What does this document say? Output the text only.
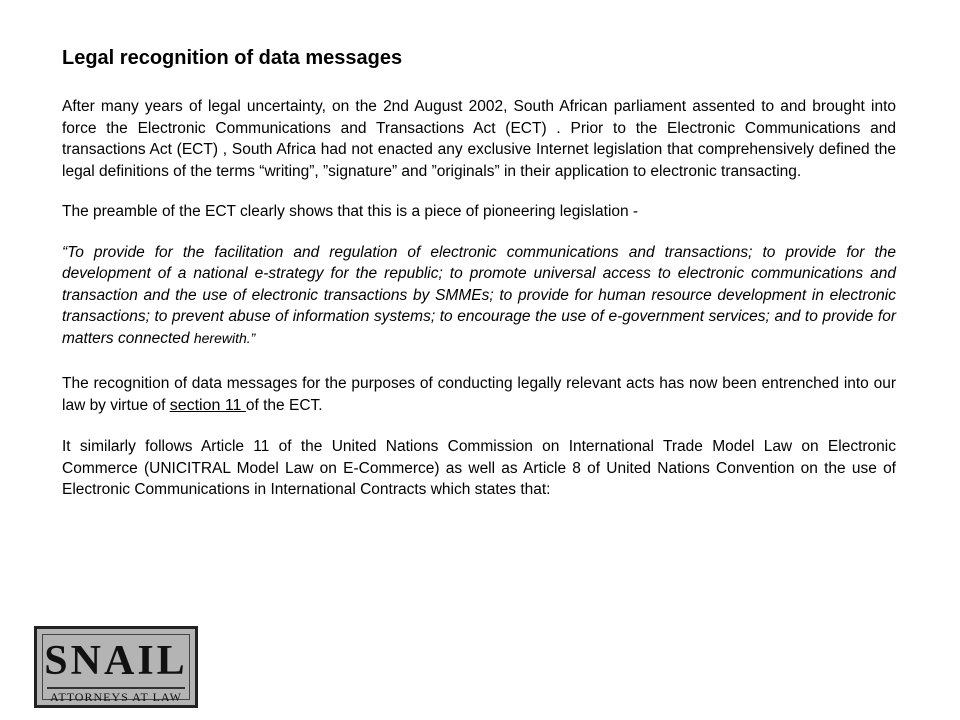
Legal recognition of data messages

After many years of legal uncertainty, on the 2nd August 2002, South African parliament assented to and brought into force the Electronic Communications and Transactions Act (ECT) . Prior to the Electronic Communications and transactions Act (ECT) , South Africa had not enacted any exclusive Internet legislation that comprehensively defined the legal definitions of the terms “writing”, ”signature” and ”originals” in their application to electronic transacting.

The preamble of the ECT clearly shows that this is a piece of pioneering legislation -

“To provide for the facilitation and regulation of electronic communications and transactions; to provide for the development of a national e-strategy for the republic; to promote universal access to electronic communications and transaction and the use of electronic transactions by SMMEs; to provide for human resource development in electronic transactions; to prevent abuse of information systems; to encourage the use of e-government services; and to provide for matters connected herewith.”

The recognition of data messages for the purposes of conducting legally relevant acts has now been entrenched into our law by virtue of section 11 of the ECT.

It similarly follows Article 11 of the United Nations Commission on International Trade Model Law on Electronic Commerce (UNICITRAL Model Law on E-Commerce) as well as Article 8 of United Nations Convention on the use of Electronic Communications in International Contracts which states that:

SNAIL
ATTORNEYS AT LAW
